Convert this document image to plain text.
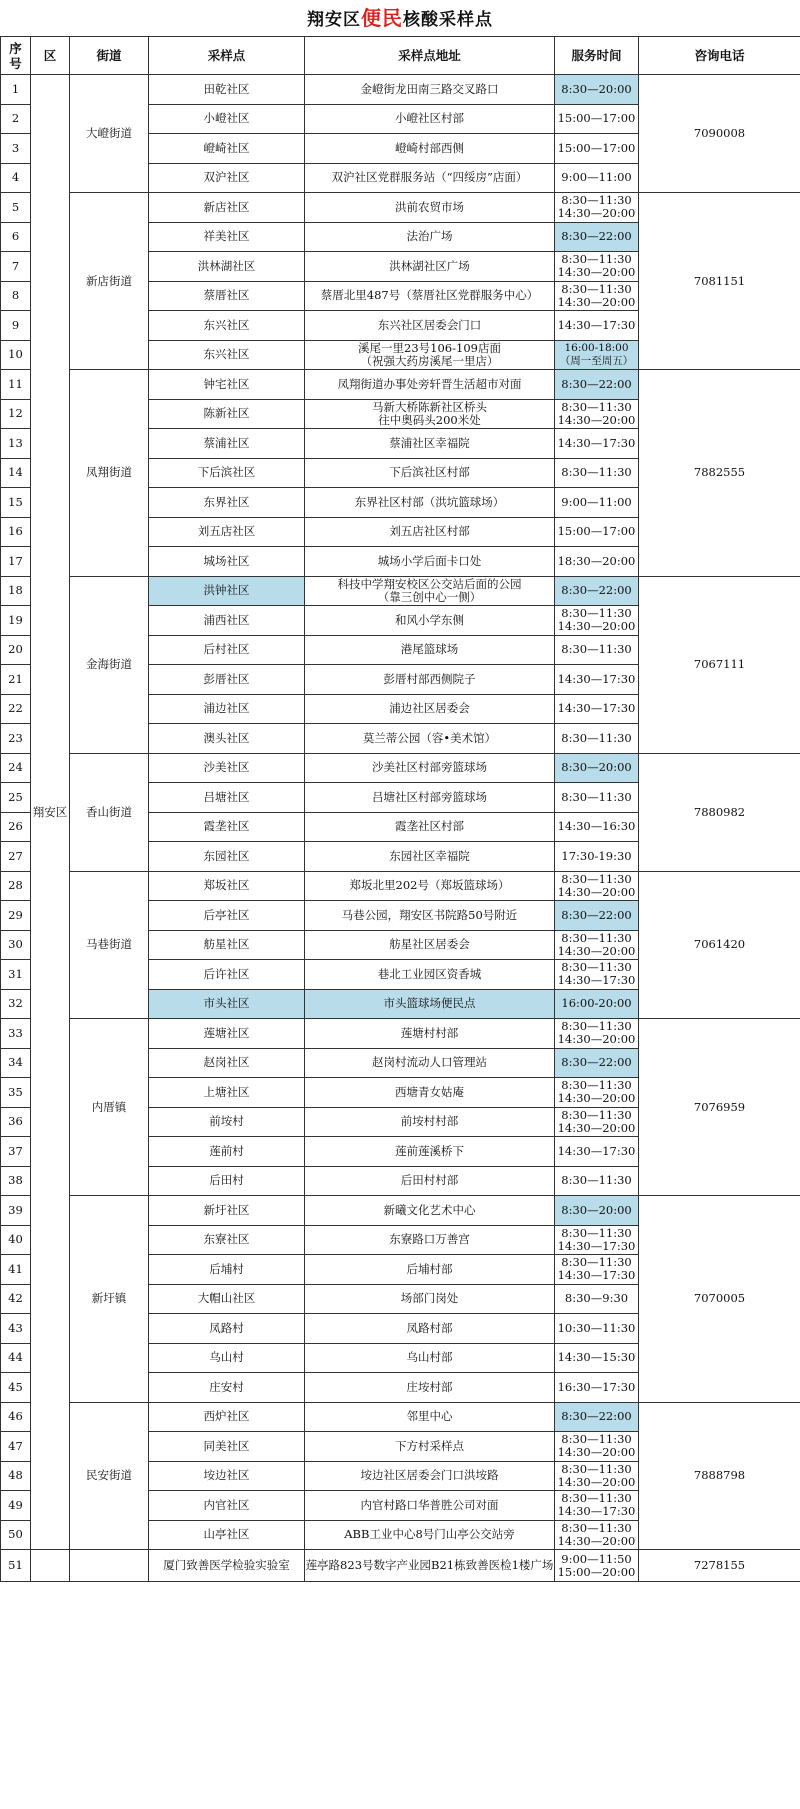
翔安区便民核酸采样点
序
号	区	街道	采样点	采样点地址	服务时间	咨询电话
1	翔安区	大嶝街道	田乾社区	金嶝街龙田南三路交叉路口	8:30—20:00	7090008
2			小嶝社区	小嶝社区村部	15:00—17:00	
3			嶝崎社区	嶝崎村部西侧	15:00—17:00	
4			双沪社区	双沪社区党群服务站（“四绥房”店面）	9:00—11:00	
5		新店街道	新店社区	洪前农贸市场	8:30—11:30
14:30—20:00	7081151
6			祥美社区	法治广场	8:30—22:00	
7			洪林湖社区	洪林湖社区广场	8:30—11:30
14:30—20:00	
8			蔡厝社区	蔡厝北里487号（蔡厝社区党群服务中心）	8:30—11:30
14:30—20:00	
9			东兴社区	东兴社区居委会门口	14:30—17:30	
10			东兴社区	溪尾一里23号106-109店面
（祝强大药房溪尾一里店）	16:00-18:00
（周一至周五）	
11		凤翔街道	钟宅社区	凤翔街道办事处旁轩晋生活超市对面	8:30—22:00	7882555
12			陈新社区	马新大桥陈新社区桥头
往中奥码头200米处	8:30—11:30
14:30—20:00	
13			蔡浦社区	蔡浦社区幸福院	14:30—17:30	
14			下后滨社区	下后滨社区村部	8:30—11:30	
15			东界社区	东界社区村部（洪坑篮球场）	9:00—11:00	
16			刘五店社区	刘五店社区村部	15:00—17:00	
17			城场社区	城场小学后面卡口处	18:30—20:00	
18		金海街道	洪钟社区	科技中学翔安校区公交站后面的公园
（靠三创中心一侧）	8:30—22:00	7067111
19			浦西社区	和风小学东侧	8:30—11:30
14:30—20:00	
20			后村社区	港尾篮球场	8:30—11:30	
21			彭厝社区	彭厝村部西侧院子	14:30—17:30	
22			浦边社区	浦边社区居委会	14:30—17:30	
23			澳头社区	莫兰蒂公园（容•美术馆）	8:30—11:30	
24		香山街道	沙美社区	沙美社区村部旁篮球场	8:30—20:00	7880982
25			吕塘社区	吕塘社区村部旁篮球场	8:30—11:30	
26			霞垄社区	霞垄社区村部	14:30—16:30	
27			东园社区	东园社区幸福院	17:30-19:30	
28		马巷街道	郑坂社区	郑坂北里202号（郑坂篮球场）	8:30—11:30
14:30—20:00	7061420
29			后亭社区	马巷公园，翔安区书院路50号附近	8:30—22:00	
30			舫星社区	舫星社区居委会	8:30—11:30
14:30—20:00	
31			后许社区	巷北工业园区资香城	8:30—11:30
14:30—17:30	
32			市头社区	市头篮球场便民点	16:00-20:00	
33		内厝镇	莲塘社区	莲塘村村部	8:30—11:30
14:30—20:00	7076959
34			赵岗社区	赵岗村流动人口管理站	8:30—22:00	
35			上塘社区	西塘青女姑庵	8:30—11:30
14:30—20:00	
36			前垵村	前垵村村部	8:30—11:30
14:30—20:00	
37			莲前村	莲前莲溪桥下	14:30—17:30	
38			后田村	后田村村部	8:30—11:30	
39		新圩镇	新圩社区	新曦文化艺术中心	8:30—20:00	7070005
40			东寮社区	东寮路口万善宫	8:30—11:30
14:30—17:30	
41			后埔村	后埔村部	8:30—11:30
14:30—17:30	
42			大帽山社区	场部门岗处	8:30—9:30	
43			凤路村	凤路村部	10:30—11:30	
44			乌山村	乌山村部	14:30—15:30	
45			庄安村	庄垵村部	16:30—17:30	
46		民安街道	西炉社区	邻里中心	8:30—22:00	7888798
47			同美社区	下方村采样点	8:30—11:30
14:30—20:00	
48			垵边社区	垵边社区居委会门口洪垵路	8:30—11:30
14:30—20:00	
49			内官社区	内官村路口华普胜公司对面	8:30—11:30
14:30—17:30	
50			山亭社区	ABB工业中心8号门山亭公交站旁	8:30—11:30
14:30—20:00	
51			厦门致善医学检验实验室	莲亭路823号数字产业园B21栋致善医检1楼广场	9:00—11:50
15:00—20:00	7278155
